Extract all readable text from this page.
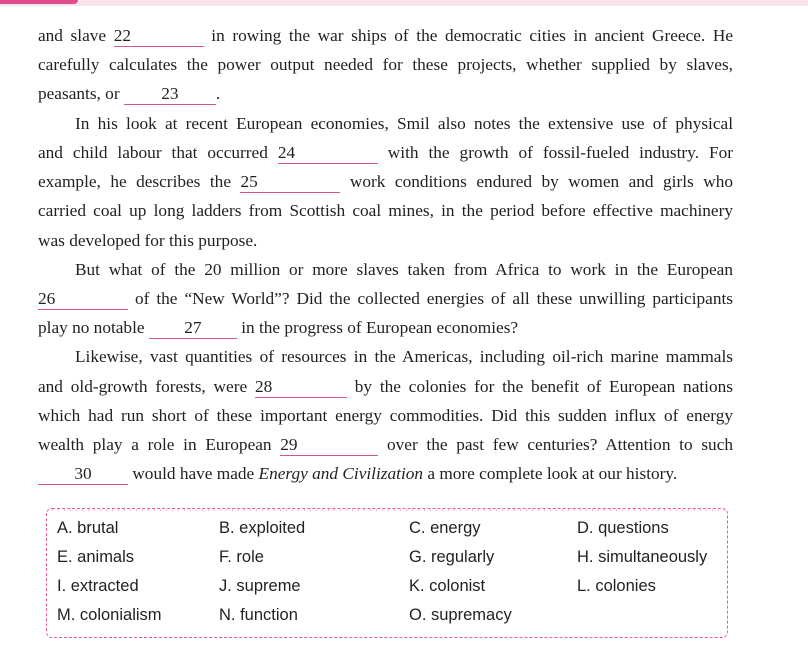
and slave 22	in rowing the war ships of the democratic cities in ancient Greece. He
carefully calculates the power output needed for these projects, whether supplied by slaves,
peasants, or 23 .
In his look at recent European economies, Smil also notes the extensive use of physical
and child labour that occurred 24	with the growth of fossil-fueled industry. For
example, he describes the 25	work conditions endured by women and girls who
carried coal up long ladders from Scottish coal mines, in the period before effective machinery
was developed for this purpose.
But what of the 20 million or more slaves taken from Africa to work in the European
26	of the “New World”? Did the collected energies of all these unwilling participants
play no notable 27 in the progress of European economies?
Likewise, vast quantities of resources in the Americas, including oil-rich marine mammals
and old-growth forests, were 28	by the colonies for the benefit of European nations
which had run short of these important energy commodities. Did this sudden influx of energy
wealth play a role in European 29	over the past few centuries? Attention to such
30 would have made Energy and Civilization a more complete look at our history.
A. brutal	B. exploited	C. energy	D. questions
E. animals	F. role	G. regularly	H. simultaneously
I. extracted	J. supreme	K. colonist	L. colonies
M. colonialism	N. function	O. supremacy
